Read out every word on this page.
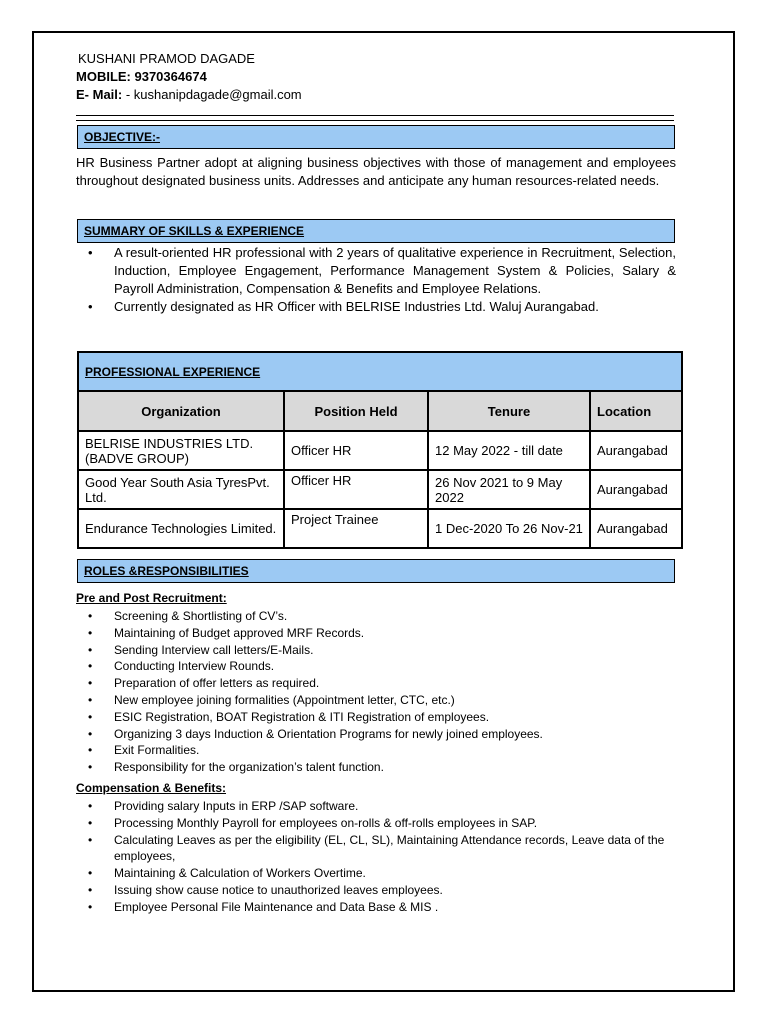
KUSHANI PRAMOD DAGADE
MOBILE: 9370364674
E- Mail: - kushanipdagade@gmail.com
OBJECTIVE:-
HR Business Partner adopt at aligning business objectives with those of management and employees throughout designated business units. Addresses and anticipate any human resources-related needs.
SUMMARY OF SKILLS & EXPERIENCE
• A result-oriented HR professional with 2 years of qualitative experience in Recruitment, Selection, Induction, Employee Engagement, Performance Management System & Policies, Salary & Payroll Administration, Compensation & Benefits and Employee Relations.
• Currently designated as HR Officer with BELRISE Industries Ltd. Waluj Aurangabad.
PROFESSIONAL EXPERIENCE			
Organization	Position Held	Tenure	Location
BELRISE INDUSTRIES LTD. (BADVE GROUP)	Officer HR	12 May 2022 - till date	Aurangabad
Good Year South Asia TyresPvt. Ltd.	Officer HR	26 Nov 2021 to 9 May 2022	Aurangabad
Endurance Technologies Limited.	Project Trainee	1 Dec-2020 To 26 Nov-21	Aurangabad
ROLES &RESPONSIBILITIES
Pre and Post Recruitment:
• Screening & Shortlisting of CV’s.
• Maintaining of Budget approved MRF Records.
• Sending Interview call letters/E-Mails.
• Conducting Interview Rounds.
• Preparation of offer letters as required.
• New employee joining formalities (Appointment letter, CTC, etc.)
• ESIC Registration, BOAT Registration & ITI Registration of employees.
• Organizing 3 days Induction & Orientation Programs for newly joined employees.
• Exit Formalities.
• Responsibility for the organization’s talent function.
Compensation & Benefits:
• Providing salary Inputs in ERP /SAP software.
• Processing Monthly Payroll for employees on-rolls & off-rolls employees in SAP.
• Calculating Leaves as per the eligibility (EL, CL, SL), Maintaining Attendance records, Leave data of the employees,
• Maintaining & Calculation of Workers Overtime.
• Issuing show cause notice to unauthorized leaves employees.
• Employee Personal File Maintenance and Data Base & MIS .
